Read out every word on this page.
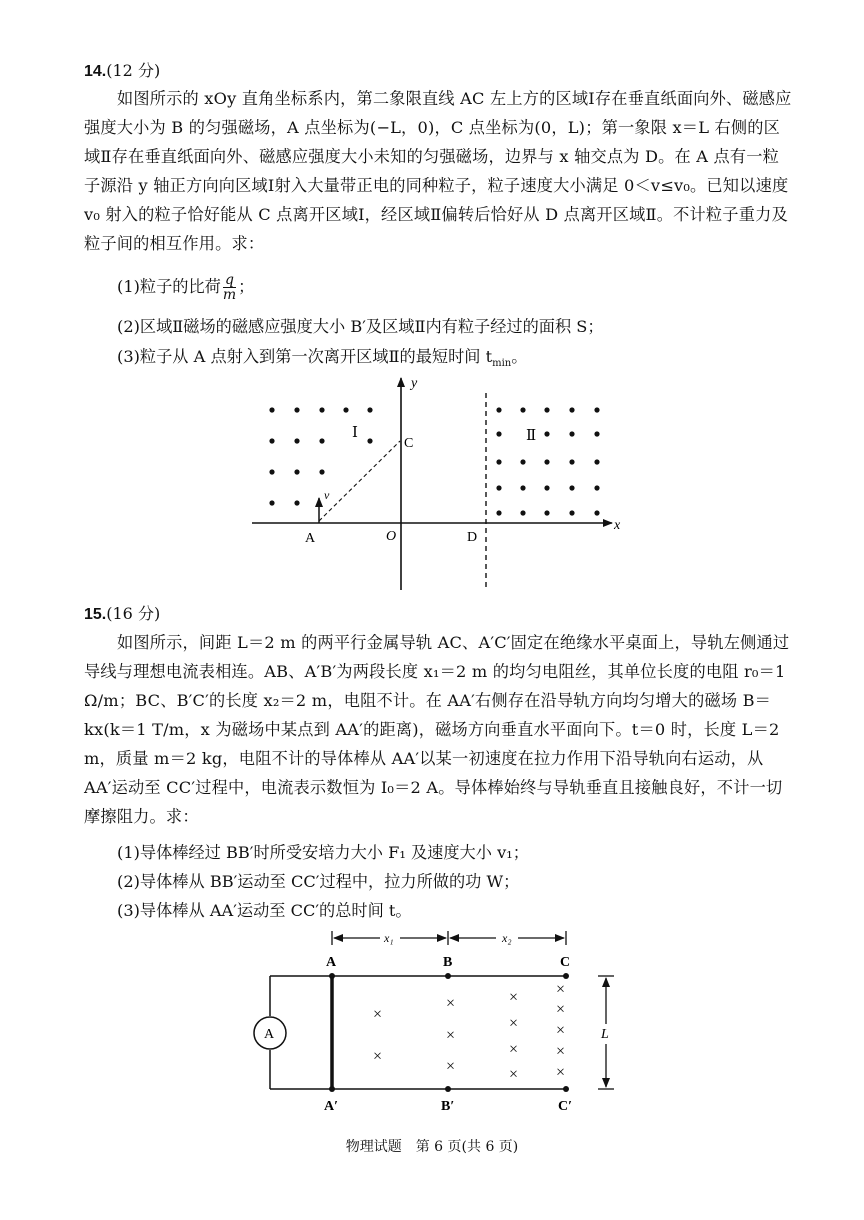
14.(12 分)
如图所示的 xOy 直角坐标系内，第二象限直线 AC 左上方的区域Ⅰ存在垂直纸面向外、磁感应强度大小为 B 的匀强磁场，A 点坐标为(−L，0)，C 点坐标为(0，L)；第一象限 x＝L 右侧的区域Ⅱ存在垂直纸面向外、磁感应强度大小未知的匀强磁场，边界与 x 轴交点为 D。在 A 点有一粒子源沿 y 轴正方向向区域Ⅰ射入大量带正电的同种粒子，粒子速度大小满足 0＜v≤v₀。已知以速度 v₀ 射入的粒子恰好能从 C 点离开区域Ⅰ，经区域Ⅱ偏转后恰好从 D 点离开区域Ⅱ。不计粒子重力及粒子间的相互作用。求：
(1)粒子的比荷 $\frac{q}{m}$ ；
(2)区域Ⅱ磁场的磁感应强度大小 B′及区域Ⅱ内有粒子经过的面积 S；
(3)粒子从 A 点射入到第一次离开区域Ⅱ的最短时间 $t_{min}$。
y
x
Ⅰ	Ⅱ
C
A	O	D
v
15.(16 分)
如图所示，间距 L＝2 m 的两平行金属导轨 AC、A′C′固定在绝缘水平桌面上，导轨左侧通过导线与理想电流表相连。AB、A′B′为两段长度 x₁＝2 m 的均匀电阻丝，其单位长度的电阻 r₀＝1 Ω/m；BC、B′C′的长度 x₂＝2 m，电阻不计。在 AA′右侧存在沿导轨方向均匀增大的磁场 B＝kx(k＝1 T/m，x 为磁场中某点到 AA′的距离)，磁场方向垂直水平面向下。t＝0 时，长度 L＝2 m，质量 m＝2 kg，电阻不计的导体棒从 AA′以某一初速度在拉力作用下沿导轨向右运动，从 AA′运动至 CC′过程中，电流表示数恒为 I₀＝2 A。导体棒始终与导轨垂直且接触良好，不计一切摩擦阻力。求：
(1)导体棒经过 BB′时所受安培力大小 F₁ 及速度大小 v₁；
(2)导体棒从 BB′运动至 CC′过程中，拉力所做的功 W；
(3)导体棒从 AA′运动至 CC′的总时间 t。
x₁	x₂
A
×
×
×
×
×
×
×
×
×
×
×
×
×
×
L
A	B	C
A′	B′	C′
物理试题　第 6 页(共 6 页)
